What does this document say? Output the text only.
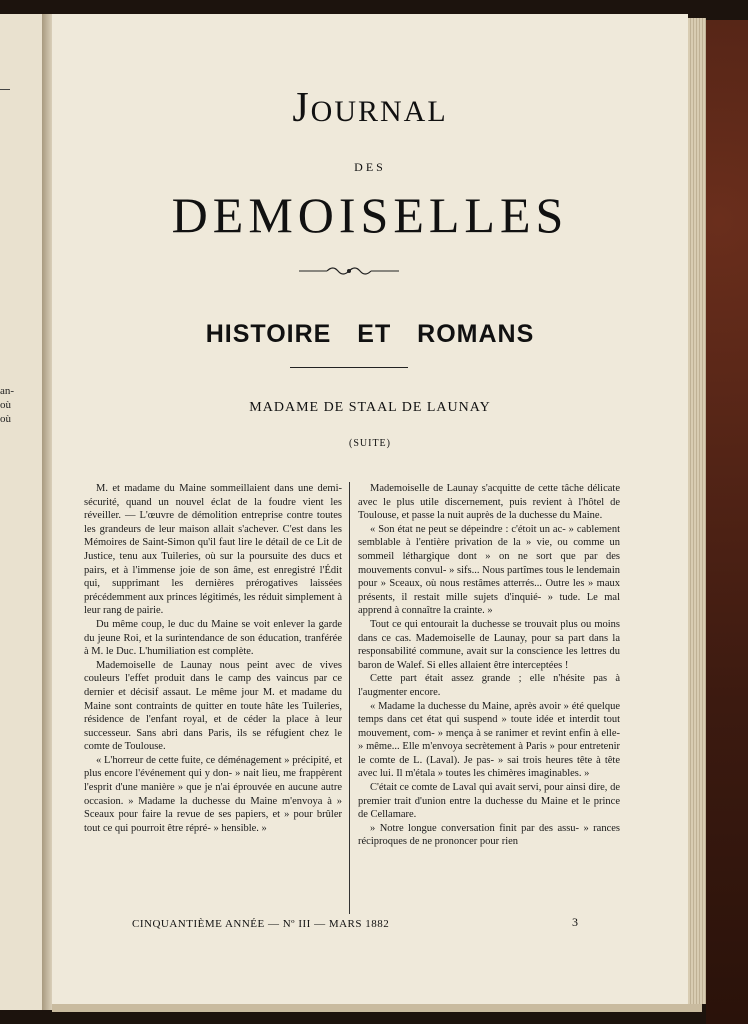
an-
où
où
JOURNAL
DES
DEMOISELLES
HISTOIRE ET ROMANS
MADAME DE STAAL DE LAUNAY
(SUITE)

M. et madame du Maine sommeillaient dans une demi-sécurité, quand un nouvel éclat de la foudre vient les réveiller. — L'œuvre de démolition entreprise contre toutes les grandeurs de leur maison allait s'achever. C'est dans les Mémoires de Saint-Simon qu'il faut lire le détail de ce Lit de Justice, tenu aux Tuileries, où sur la poursuite des ducs et pairs, et à l'immense joie de son âme, est enregistré l'Édit qui, supprimant les dernières prérogatives laissées précédemment aux princes légitimés, les réduit simplement à leur rang de pairie.

Du même coup, le duc du Maine se voit enlever la garde du jeune Roi, et la surintendance de son éducation, tranférée à M. le Duc. L'humiliation est complète.

Mademoiselle de Launay nous peint avec de vives couleurs l'effet produit dans le camp des vaincus par ce dernier et décisif assaut. Le même jour M. et madame du Maine sont contraints de quitter en toute hâte les Tuileries, résidence de l'enfant royal, et de céder la place à leur successeur. Sans abri dans Paris, ils se réfugient chez le comte de Toulouse.

« L'horreur de cette fuite, ce déménagement » précipité, et plus encore l'événement qui y don- » nait lieu, me frappèrent l'esprit d'une manière » que je n'ai éprouvée en aucune autre occasion. » Madame la duchesse du Maine m'envoya à » Sceaux pour faire la revue de ses papiers, et » pour brûler tout ce qui pourroit être répré- » hensible. »

Mademoiselle de Launay s'acquitte de cette tâche délicate avec le plus utile discernement, puis revient à l'hôtel de Toulouse, et passe la nuit auprès de la duchesse du Maine.

« Son état ne peut se dépeindre : c'étoit un ac- » cablement semblable à l'entière privation de la » vie, ou comme un sommeil léthargique dont » on ne sort que par des mouvements convul- » sifs... Nous partîmes tous le lendemain pour » Sceaux, où nous restâmes atterrés... Outre les » maux présents, il restait mille sujets d'inquié- » tude. Le mal apprend à connaître la crainte. »

Tout ce qui entourait la duchesse se trouvait plus ou moins dans ce cas. Mademoiselle de Launay, pour sa part dans la responsabilité commune, avait sur la conscience les lettres du baron de Walef. Si elles allaient être interceptées !

Cette part était assez grande ; elle n'hésite pas à l'augmenter encore.

« Madame la duchesse du Maine, après avoir » été quelque temps dans cet état qui suspend » toute idée et interdit tout mouvement, com- » mença à se ranimer et revint enfin à elle- » même... Elle m'envoya secrètement à Paris » pour entretenir le comte de L. (Laval). Je pas- » sai trois heures tête à tête avec lui. Il m'étala » toutes les chimères imaginables. »

C'était ce comte de Laval qui avait servi, pour ainsi dire, de premier trait d'union entre la duchesse du Maine et le prince de Cellamare.

» Notre longue conversation finit par des assu- » rances réciproques de ne prononcer pour rien

CINQUANTIÈME ANNÉE — Nº III — MARS 1882	3
